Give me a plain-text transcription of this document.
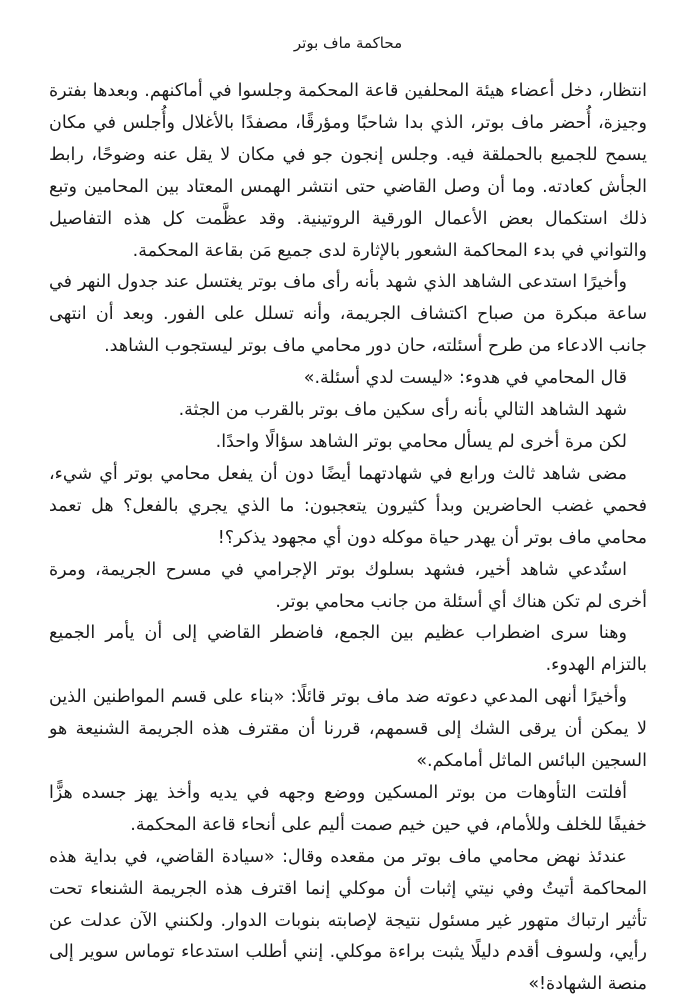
محاكمة ماف بوتر

انتظار، دخل أعضاء هيئة المحلفين قاعة المحكمة وجلسوا في أماكنهم. وبعدها بفترة وجيزة، أُحضر ماف بوتر، الذي بدا شاحبًا ومؤرقًا، مصفدًا بالأغلال وأُجلس في مكان يسمح للجميع بالحملقة فيه. وجلس إنجون جو في مكان لا يقل عنه وضوحًا، رابط الجأش كعادته. وما أن وصل القاضي حتى انتشر الهمس المعتاد بين المحامين وتبع ذلك استكمال بعض الأعمال الورقية الروتينية. وقد عظَّمت كل هذه التفاصيل والتواني في بدء المحاكمة الشعور بالإثارة لدى جميع مَن بقاعة المحكمة.

وأخيرًا استدعى الشاهد الذي شهد بأنه رأى ماف بوتر يغتسل عند جدول النهر في ساعة مبكرة من صباح اكتشاف الجريمة، وأنه تسلل على الفور. وبعد أن انتهى جانب الادعاء من طرح أسئلته، حان دور محامي ماف بوتر ليستجوب الشاهد.

قال المحامي في هدوء: «ليست لدي أسئلة.»

شهد الشاهد التالي بأنه رأى سكين ماف بوتر بالقرب من الجثة.

لكن مرة أخرى لم يسأل محامي بوتر الشاهد سؤالًا واحدًا.

مضى شاهد ثالث ورابع في شهادتهما أيضًا دون أن يفعل محامي بوتر أي شيء، فحمي غضب الحاضرين وبدأ كثيرون يتعجبون: ما الذي يجري بالفعل؟ هل تعمد محامي ماف بوتر أن يهدر حياة موكله دون أي مجهود يذكر؟!

استُدعي شاهد أخير، فشهد بسلوك بوتر الإجرامي في مسرح الجريمة، ومرة أخرى لم تكن هناك أي أسئلة من جانب محامي بوتر.

وهنا سرى اضطراب عظيم بين الجمع، فاضطر القاضي إلى أن يأمر الجميع بالتزام الهدوء.

وأخيرًا أنهى المدعي دعوته ضد ماف بوتر قائلًا: «بناء على قسم المواطنين الذين لا يمكن أن يرقى الشك إلى قسمهم، قررنا أن مقترف هذه الجريمة الشنيعة هو السجين البائس الماثل أمامكم.»

أفلتت التأوهات من بوتر المسكين ووضع وجهه في يديه وأخذ يهز جسده هزًّا خفيفًا للخلف وللأمام، في حين خيم صمت أليم على أنحاء قاعة المحكمة.

عندئذ نهض محامي ماف بوتر من مقعده وقال: «سيادة القاضي، في بداية هذه المحاكمة أتيتُ وفي نيتي إثبات أن موكلي إنما اقترف هذه الجريمة الشنعاء تحت تأثير ارتباك متهور غير مسئول نتيجة لإصابته بنوبات الدوار. ولكنني الآن عدلت عن رأيي، ولسوف أقدم دليلًا يثبت براءة موكلي. إنني أطلب استدعاء توماس سوير إلى منصة الشهادة!»
